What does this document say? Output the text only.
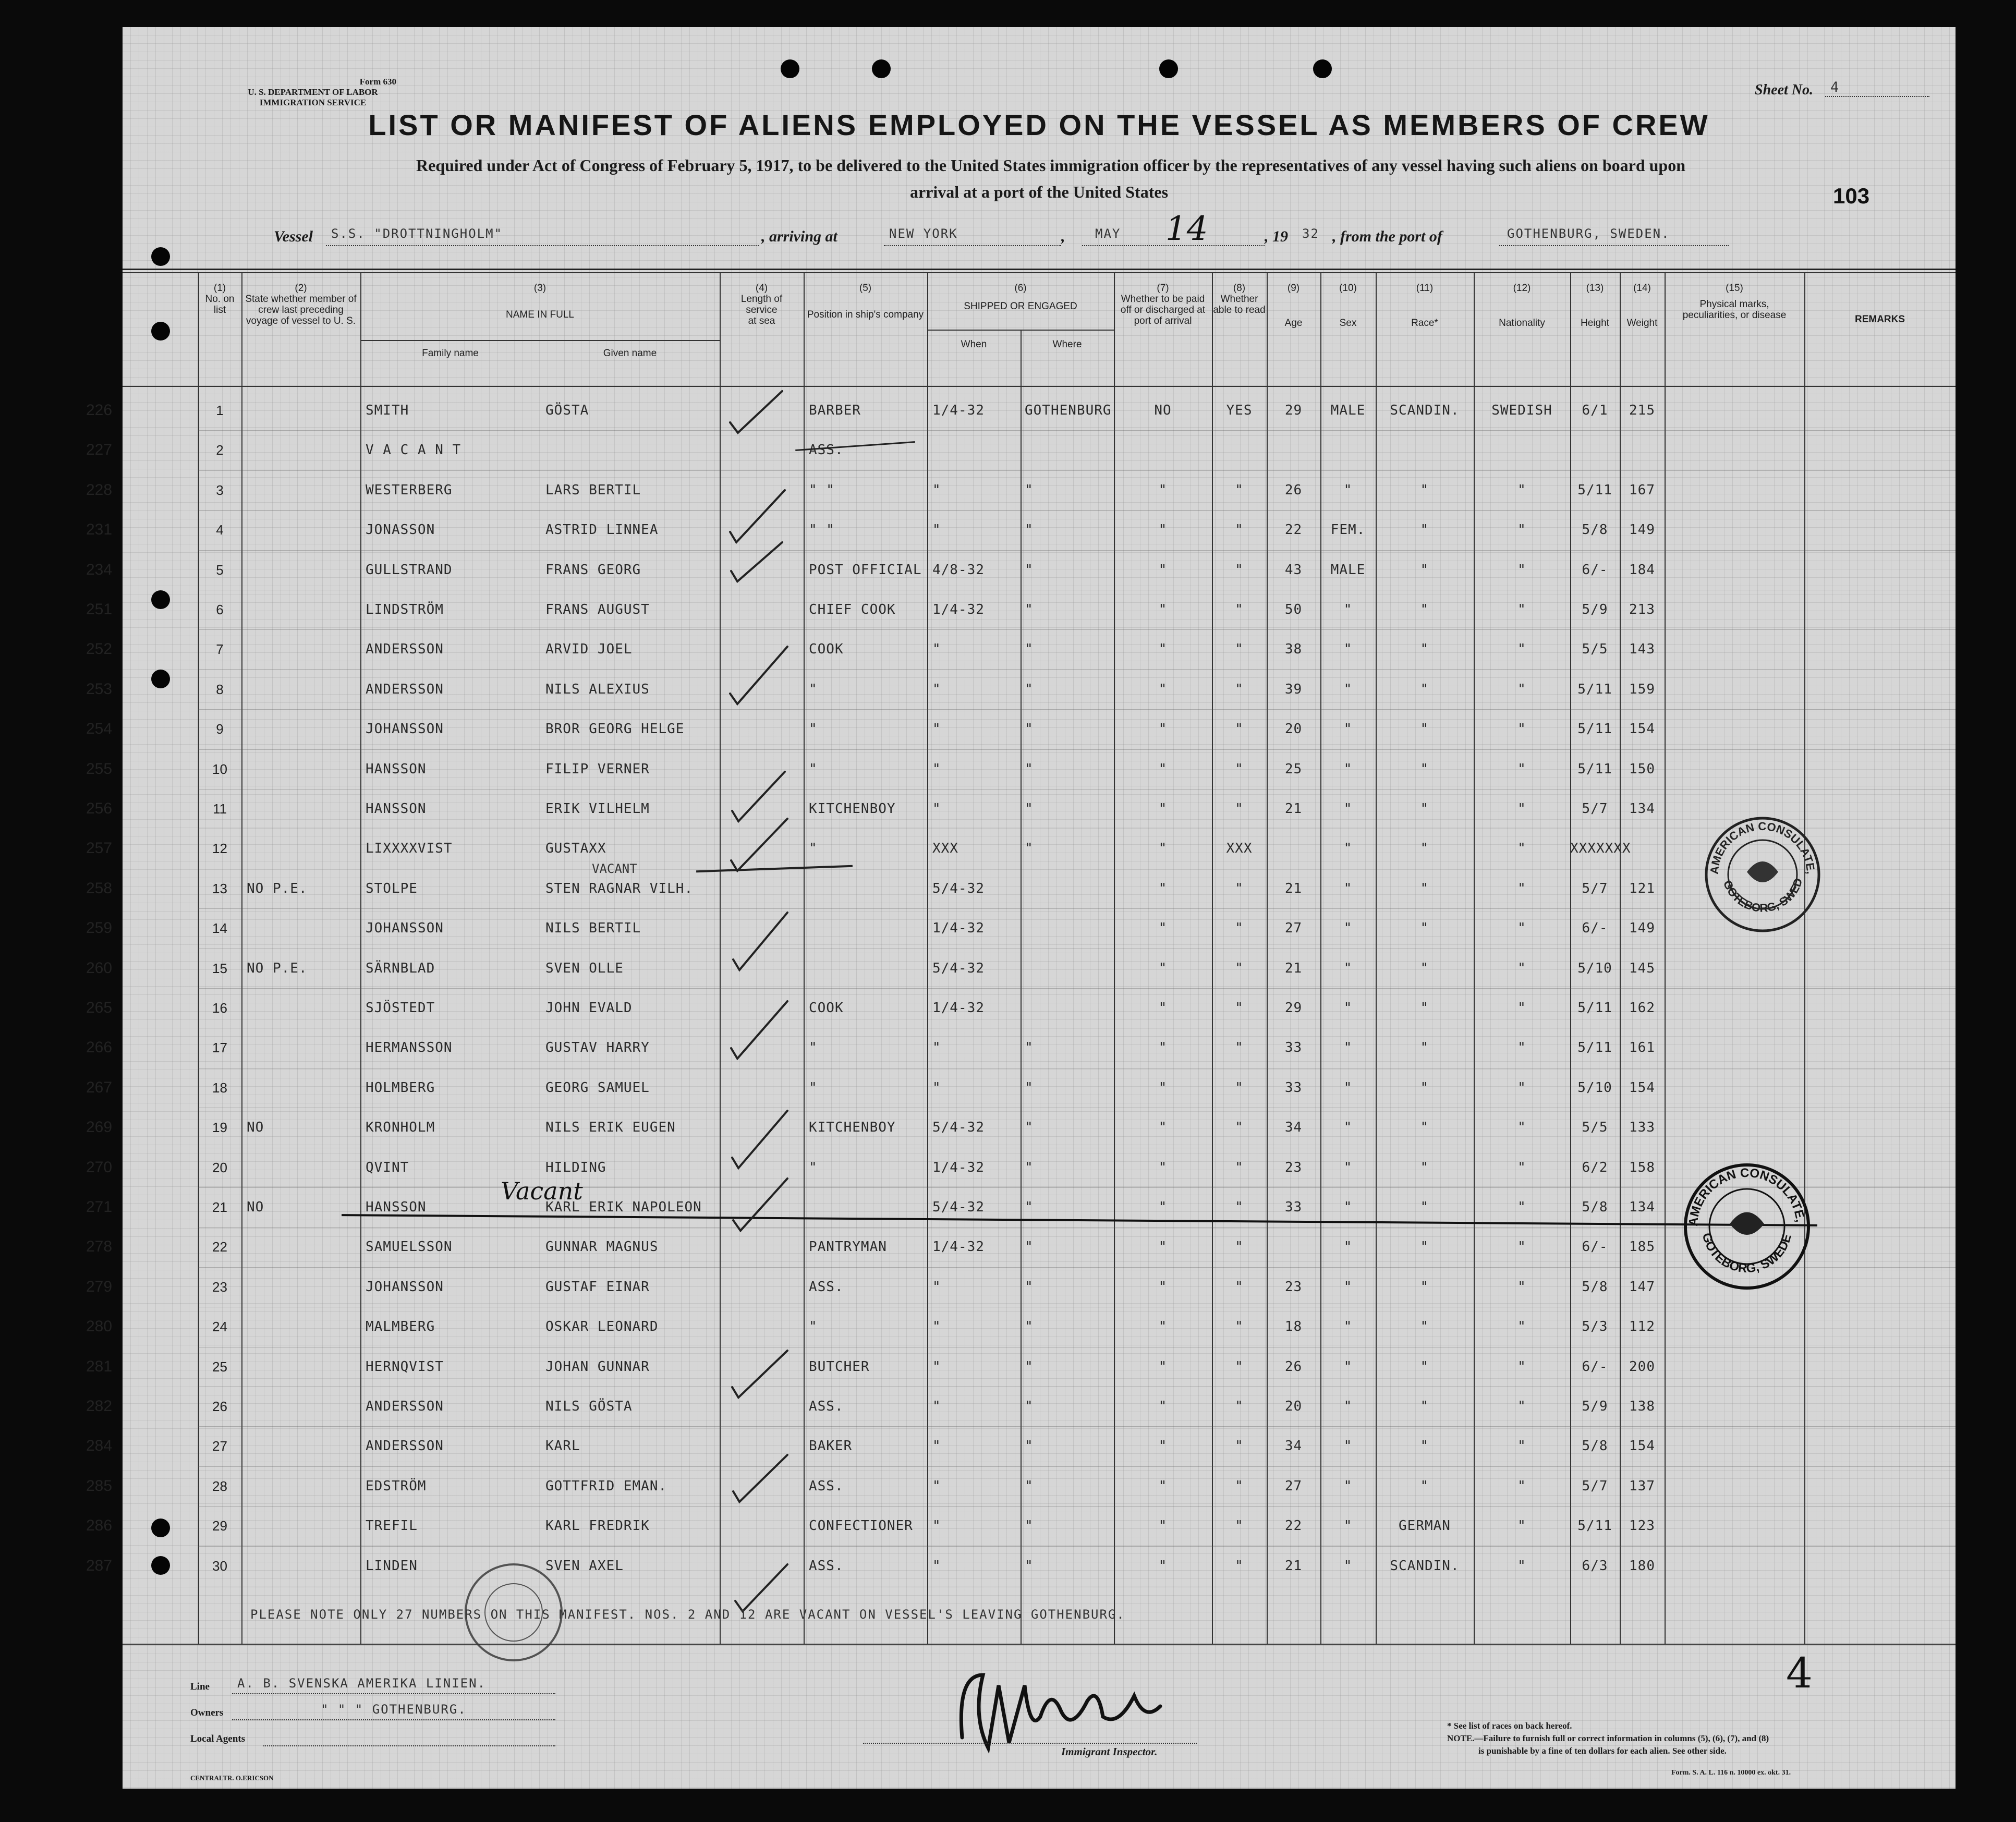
Form 630
U. S. DEPARTMENT OF LABOR
IMMIGRATION SERVICE
Sheet No. 4
LIST OR MANIFEST OF ALIENS EMPLOYED ON THE VESSEL AS MEMBERS OF CREW
Required under Act of Congress of February 5, 1917, to be delivered to the United States immigration officer by the representatives of any vessel having such aliens on board upon
arrival at a port of the United States	103
Vessel S.S. "DROTTNINGHOLM"	, arriving at	NEW YORK	, MAY 14	, 19 32 , from the port of	GOTHENBURG, SWEDEN.
(1)
No. on list
(2)
State whether member of crew last preceding voyage of vessel to U. S.
(3)
NAME IN FULL
Family name	Given name
(4)
Length of service at sea
(5)
Position in ship's company
(6)
SHIPPED OR ENGAGED
When	Where
(7)
Whether to be paid off or discharged at port of arrival
(8)
Whether able to read
(9)
Age
(10)
Sex
(11)
Race*
(12)
Nationality
(13)
Height
(14)
Weight
(15)
Physical marks, peculiarities, or disease	REMARKS
226	1	SMITH	GÖSTA	BARBER	1/4-32	GOTHENBURG	NO	YES	29	MALE	SCANDIN.	SWEDISH	6/1	215
227	2	V A C A N T	ASS.
228	3	WESTERBERG	LARS BERTIL	" "	"	"	"	"	26	"	"	"	5/11	167
231	4	JONASSON	ASTRID LINNEA	" "	"	"	"	"	22	FEM.	"	"	5/8	149
234	5	GULLSTRAND	FRANS GEORG	POST OFFICIAL 4/8-32	"	"	"	43	MALE	"	"	6/-	184
251	6	LINDSTRÖM	FRANS AUGUST	CHIEF COOK	1/4-32	"	"	"	50	"	"	"	5/9	213
252	7	ANDERSSON	ARVID JOEL	COOK	"	"	"	"	38	"	"	"	5/5	143
253	8	ANDERSSON	NILS ALEXIUS	"	"	"	"	"	39	"	"	"	5/11	159
254	9	JOHANSSON	BROR GEORG HELGE	"	"	"	"	"	20	"	"	"	5/11	154
255	10	HANSSON	FILIP VERNER	"	"	"	"	"	25	"	"	"	5/11	150
256	11	HANSSON	ERIK VILHELM	KITCHENBOY	"	"	"	"	21	"	"	"	5/7	134
257	12	LIXXXXVIST	GUSTAXX	"	XXX	"	"	XXX	"	"	"	XXXXXXX
258	13	NO P.E.	STOLPE	STEN RAGNAR VILH.	5/4-32	"	"	21	"	"	"	5/7	121
259	14	JOHANSSON	NILS BERTIL	1/4-32	"	"	27	"	"	"	6/-	149
260	15	NO P.E.	SÄRNBLAD	SVEN OLLE	5/4-32	"	"	21	"	"	"	5/10	145
265	16	SJÖSTEDT	JOHN EVALD	COOK	1/4-32	"	"	29	"	"	"	5/11	162
266	17	HERMANSSON	GUSTAV HARRY	"	"	"	"	"	33	"	"	"	5/11	161
267	18	HOLMBERG	GEORG SAMUEL	"	"	"	"	"	33	"	"	"	5/10	154
269	19	NO	KRONHOLM	NILS ERIK EUGEN	KITCHENBOY	5/4-32	"	"	"	34	"	"	"	5/5	133
270	20	QVINT	HILDING	"	1/4-32	"	"	"	23	"	"	"	6/2	158
271	21	NO	HANSSON	KARL ERIK NAPOLEON	5/4-32	"	"	"	33	"	"	"	5/8	134
278	22	SAMUELSSON	GUNNAR MAGNUS	PANTRYMAN	1/4-32	"	"	"	"	"	"	6/-	185
279	23	JOHANSSON	GUSTAF EINAR	ASS.	"	"	"	"	23	"	"	"	5/8	147
280	24	MALMBERG	OSKAR LEONARD	"	"	"	"	"	18	"	"	"	5/3	112
281	25	HERNQVIST	JOHAN GUNNAR	BUTCHER	"	"	"	"	26	"	"	"	6/-	200
282	26	ANDERSSON	NILS GÖSTA	ASS.	"	"	"	"	20	"	"	"	5/9	138
284	27	ANDERSSON	KARL	BAKER	"	"	"	"	34	"	"	"	5/8	154
285	28	EDSTRÖM	GOTTFRID EMAN.	ASS.	"	"	"	"	27	"	"	"	5/7	137
286	29	TREFIL	KARL FREDRIK	CONFECTIONER	"	"	"	"	22	"	GERMAN	"	5/11	123
287	30	LINDEN	SVEN AXEL	ASS.	"	"	"	"	21	"	SCANDIN.	"	6/3	180
VACANT
Vacant
PLEASE NOTE ONLY 27 NUMBERS ON THIS MANIFEST. NOS. 2 AND 12 ARE VACANT ON VESSEL'S LEAVING GOTHENBURG.
AMERICAN CONSULATE,
GOTEBORG, SWED
AMERICAN CONSULATE,
GOTEBORG, SWEDE
Line A. B. SVENSKA AMERIKA LINIEN.
Owners	" " " GOTHENBURG.
Local Agents
CENTRALTR. O.ERICSON
Immigrant Inspector.
4
* See list of races on back hereof.
NOTE.—Failure to furnish full or correct information in columns (5), (6), (7), and (8)
is punishable by a fine of ten dollars for each alien. See other side.
Form. S. A. L. 116 n. 10000 ex. okt. 31.
